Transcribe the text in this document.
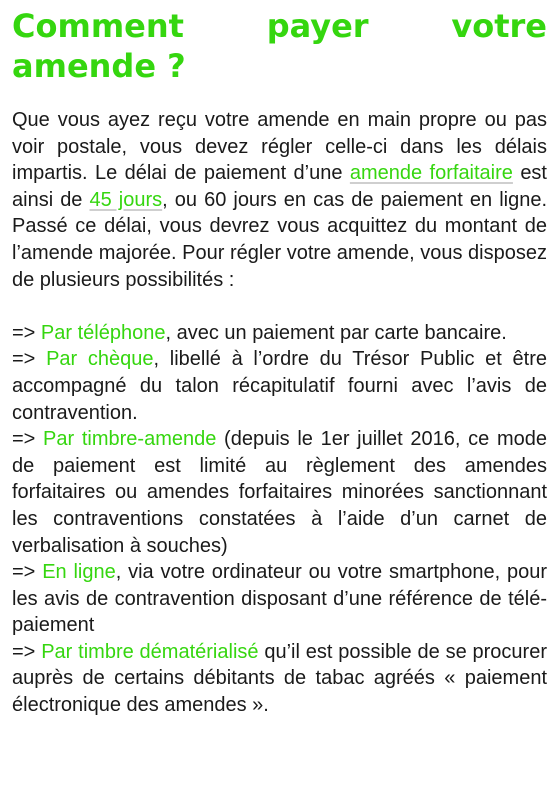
Comment payer votre amende ?

Que vous ayez reçu votre amende en main propre ou pas voir postale, vous devez régler celle-ci dans les délais impartis. Le délai de paiement d’une amende forfaitaire est ainsi de 45 jours, ou 60 jours en cas de paiement en ligne. Passé ce délai, vous devrez vous acquittez du montant de l’amende majorée. Pour régler votre amende, vous disposez de plusieurs possibilités :

=> Par téléphone, avec un paiement par carte bancaire.

=> Par chèque, libellé à l’ordre du Trésor Public et être accompagné du talon récapitulatif fourni avec l’avis de contravention.

=> Par timbre-amende (depuis le 1er juillet 2016, ce mode de paiement est limité au règlement des amendes forfaitaires ou amendes forfaitaires minorées sanctionnant les contraventions constatées à l’aide d’un carnet de verbalisation à souches)

=> En ligne, via votre ordinateur ou votre smartphone, pour les avis de contravention disposant d’une référence de télé-paiement

=> Par timbre dématérialisé qu’il est possible de se procurer auprès de certains débitants de tabac agréés « paiement électronique des amendes ».
